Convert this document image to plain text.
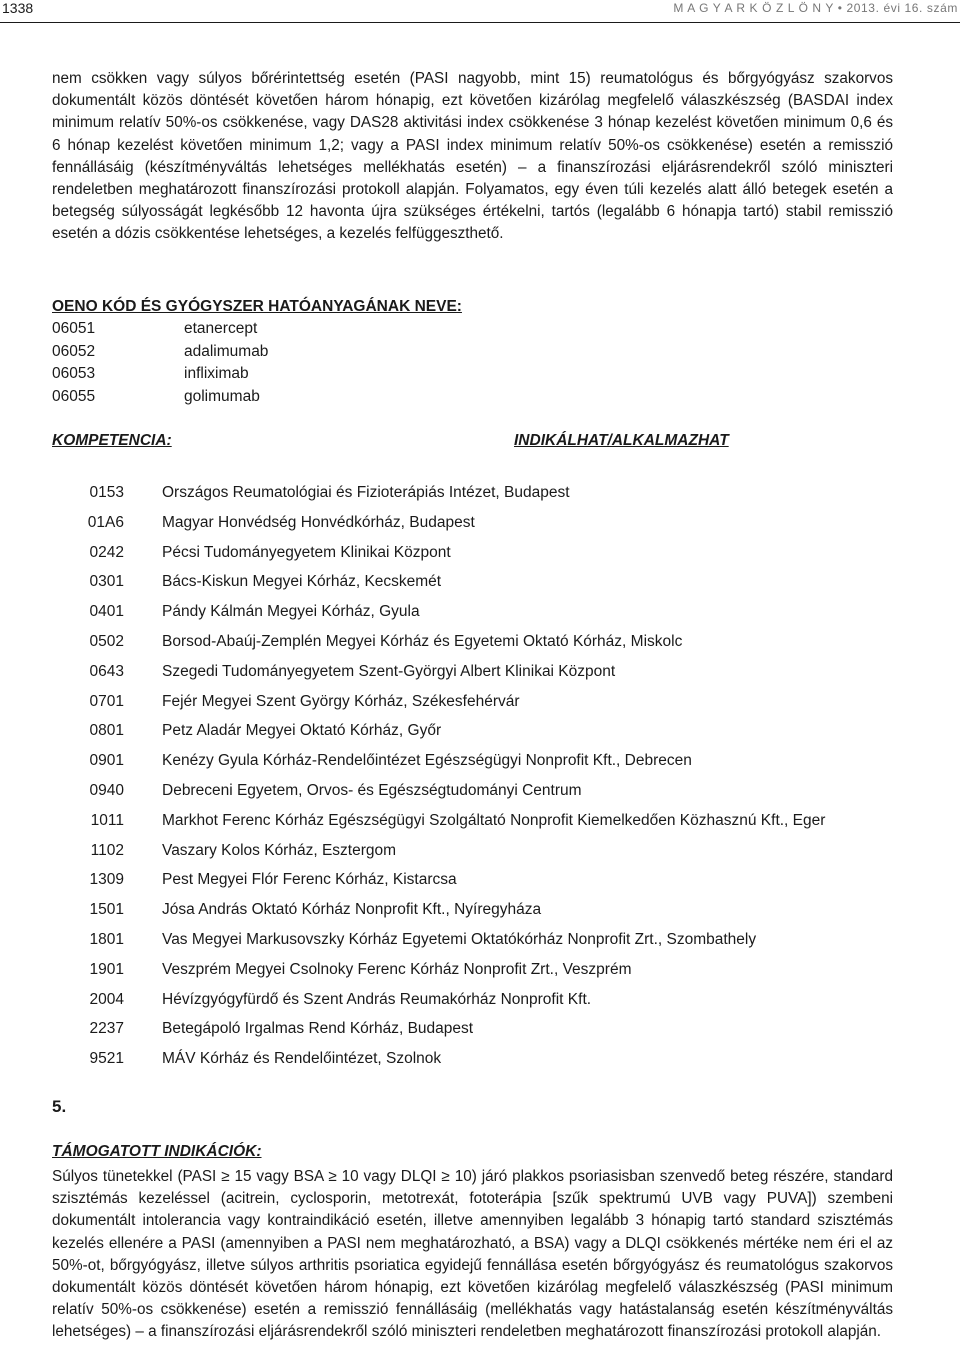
1338	M A G Y A R K Ö Z L Ö N Y • 2013. évi 16. szám

nem csökken vagy súlyos bőrérintettség esetén (PASI nagyobb, mint 15) reumatológus és bőrgyógyász szakorvos dokumentált közös döntését követően három hónapig, ezt követően kizárólag megfelelő válaszkészség (BASDAI index minimum relatív 50%-os csökkenése, vagy DAS28 aktivitási index csökkenése 3 hónap kezelést követően minimum 0,6 és 6 hónap kezelést követően minimum 1,2; vagy a PASI index minimum relatív 50%-os csökkenése) esetén a remisszió fennállásáig (készítményváltás lehetséges mellékhatás esetén) – a finanszírozási eljárásrendekről szóló miniszteri rendeletben meghatározott finanszírozási protokoll alapján. Folyamatos, egy éven túli kezelés alatt álló betegek esetén a betegség súlyosságát legkésőbb 12 havonta újra szükséges értékelni, tartós (legalább 6 hónapja tartó) stabil remisszió esetén a dózis csökkentése lehetséges, a kezelés felfüggeszthető.

OENO KÓD ÉS GYÓGYSZER HATÓANYAGÁNAK NEVE:
06051	etanercept
06052	adalimumab
06053	infliximab
06055	golimumab
KOMPETENCIA:	INDIKÁLHAT/ALKALMAZHAT
0153 Országos Reumatológiai és Fizioterápiás Intézet, Budapest
01A6 Magyar Honvédség Honvédkórház, Budapest
0242 Pécsi Tudományegyetem Klinikai Központ
0301 Bács-Kiskun Megyei Kórház, Kecskemét
0401 Pándy Kálmán Megyei Kórház, Gyula
0502 Borsod-Abaúj-Zemplén Megyei Kórház és Egyetemi Oktató Kórház, Miskolc
0643 Szegedi Tudományegyetem Szent-Györgyi Albert Klinikai Központ
0701 Fejér Megyei Szent György Kórház, Székesfehérvár
0801 Petz Aladár Megyei Oktató Kórház, Győr
0901 Kenézy Gyula Kórház-Rendelőintézet Egészségügyi Nonprofit Kft., Debrecen
0940 Debreceni Egyetem, Orvos- és Egészségtudományi Centrum
1011 Markhot Ferenc Kórház Egészségügyi Szolgáltató Nonprofit Kiemelkedően Közhasznú Kft., Eger
1102 Vaszary Kolos Kórház, Esztergom
1309 Pest Megyei Flór Ferenc Kórház, Kistarcsa
1501 Jósa András Oktató Kórház Nonprofit Kft., Nyíregyháza
1801 Vas Megyei Markusovszky Kórház Egyetemi Oktatókórház Nonprofit Zrt., Szombathely
1901 Veszprém Megyei Csolnoky Ferenc Kórház Nonprofit Zrt., Veszprém
2004 Hévízgyógyfürdő és Szent András Reumakórház Nonprofit Kft.
2237 Betegápoló Irgalmas Rend Kórház, Budapest
9521 MÁV Kórház és Rendelőintézet, Szolnok
5.
TÁMOGATOTT INDIKÁCIÓK:

Súlyos tünetekkel (PASI ≥ 15 vagy BSA ≥ 10 vagy DLQI ≥ 10) járó plakkos psoriasisban szenvedő beteg részére, standard szisztémás kezeléssel (acitrein, cyclosporin, metotrexát, fototerápia [szűk spektrumú UVB vagy PUVA]) szembeni dokumentált intolerancia vagy kontraindikáció esetén, illetve amennyiben legalább 3 hónapig tartó standard szisztémás kezelés ellenére a PASI (amennyiben a PASI nem meghatározható, a BSA) vagy a DLQI csökkenés mértéke nem éri el az 50%-ot, bőrgyógyász, illetve súlyos arthritis psoriatica egyidejű fennállása esetén bőrgyógyász és reumatológus szakorvos dokumentált közös döntését követően három hónapig, ezt követően kizárólag megfelelő válaszkészség (PASI minimum relatív 50%-os csökkenése) esetén a remisszió fennállásáig (mellékhatás vagy hatástalanság esetén készítményváltás lehetséges) – a finanszírozási eljárásrendekről szóló miniszteri rendeletben meghatározott finanszírozási protokoll alapján.
